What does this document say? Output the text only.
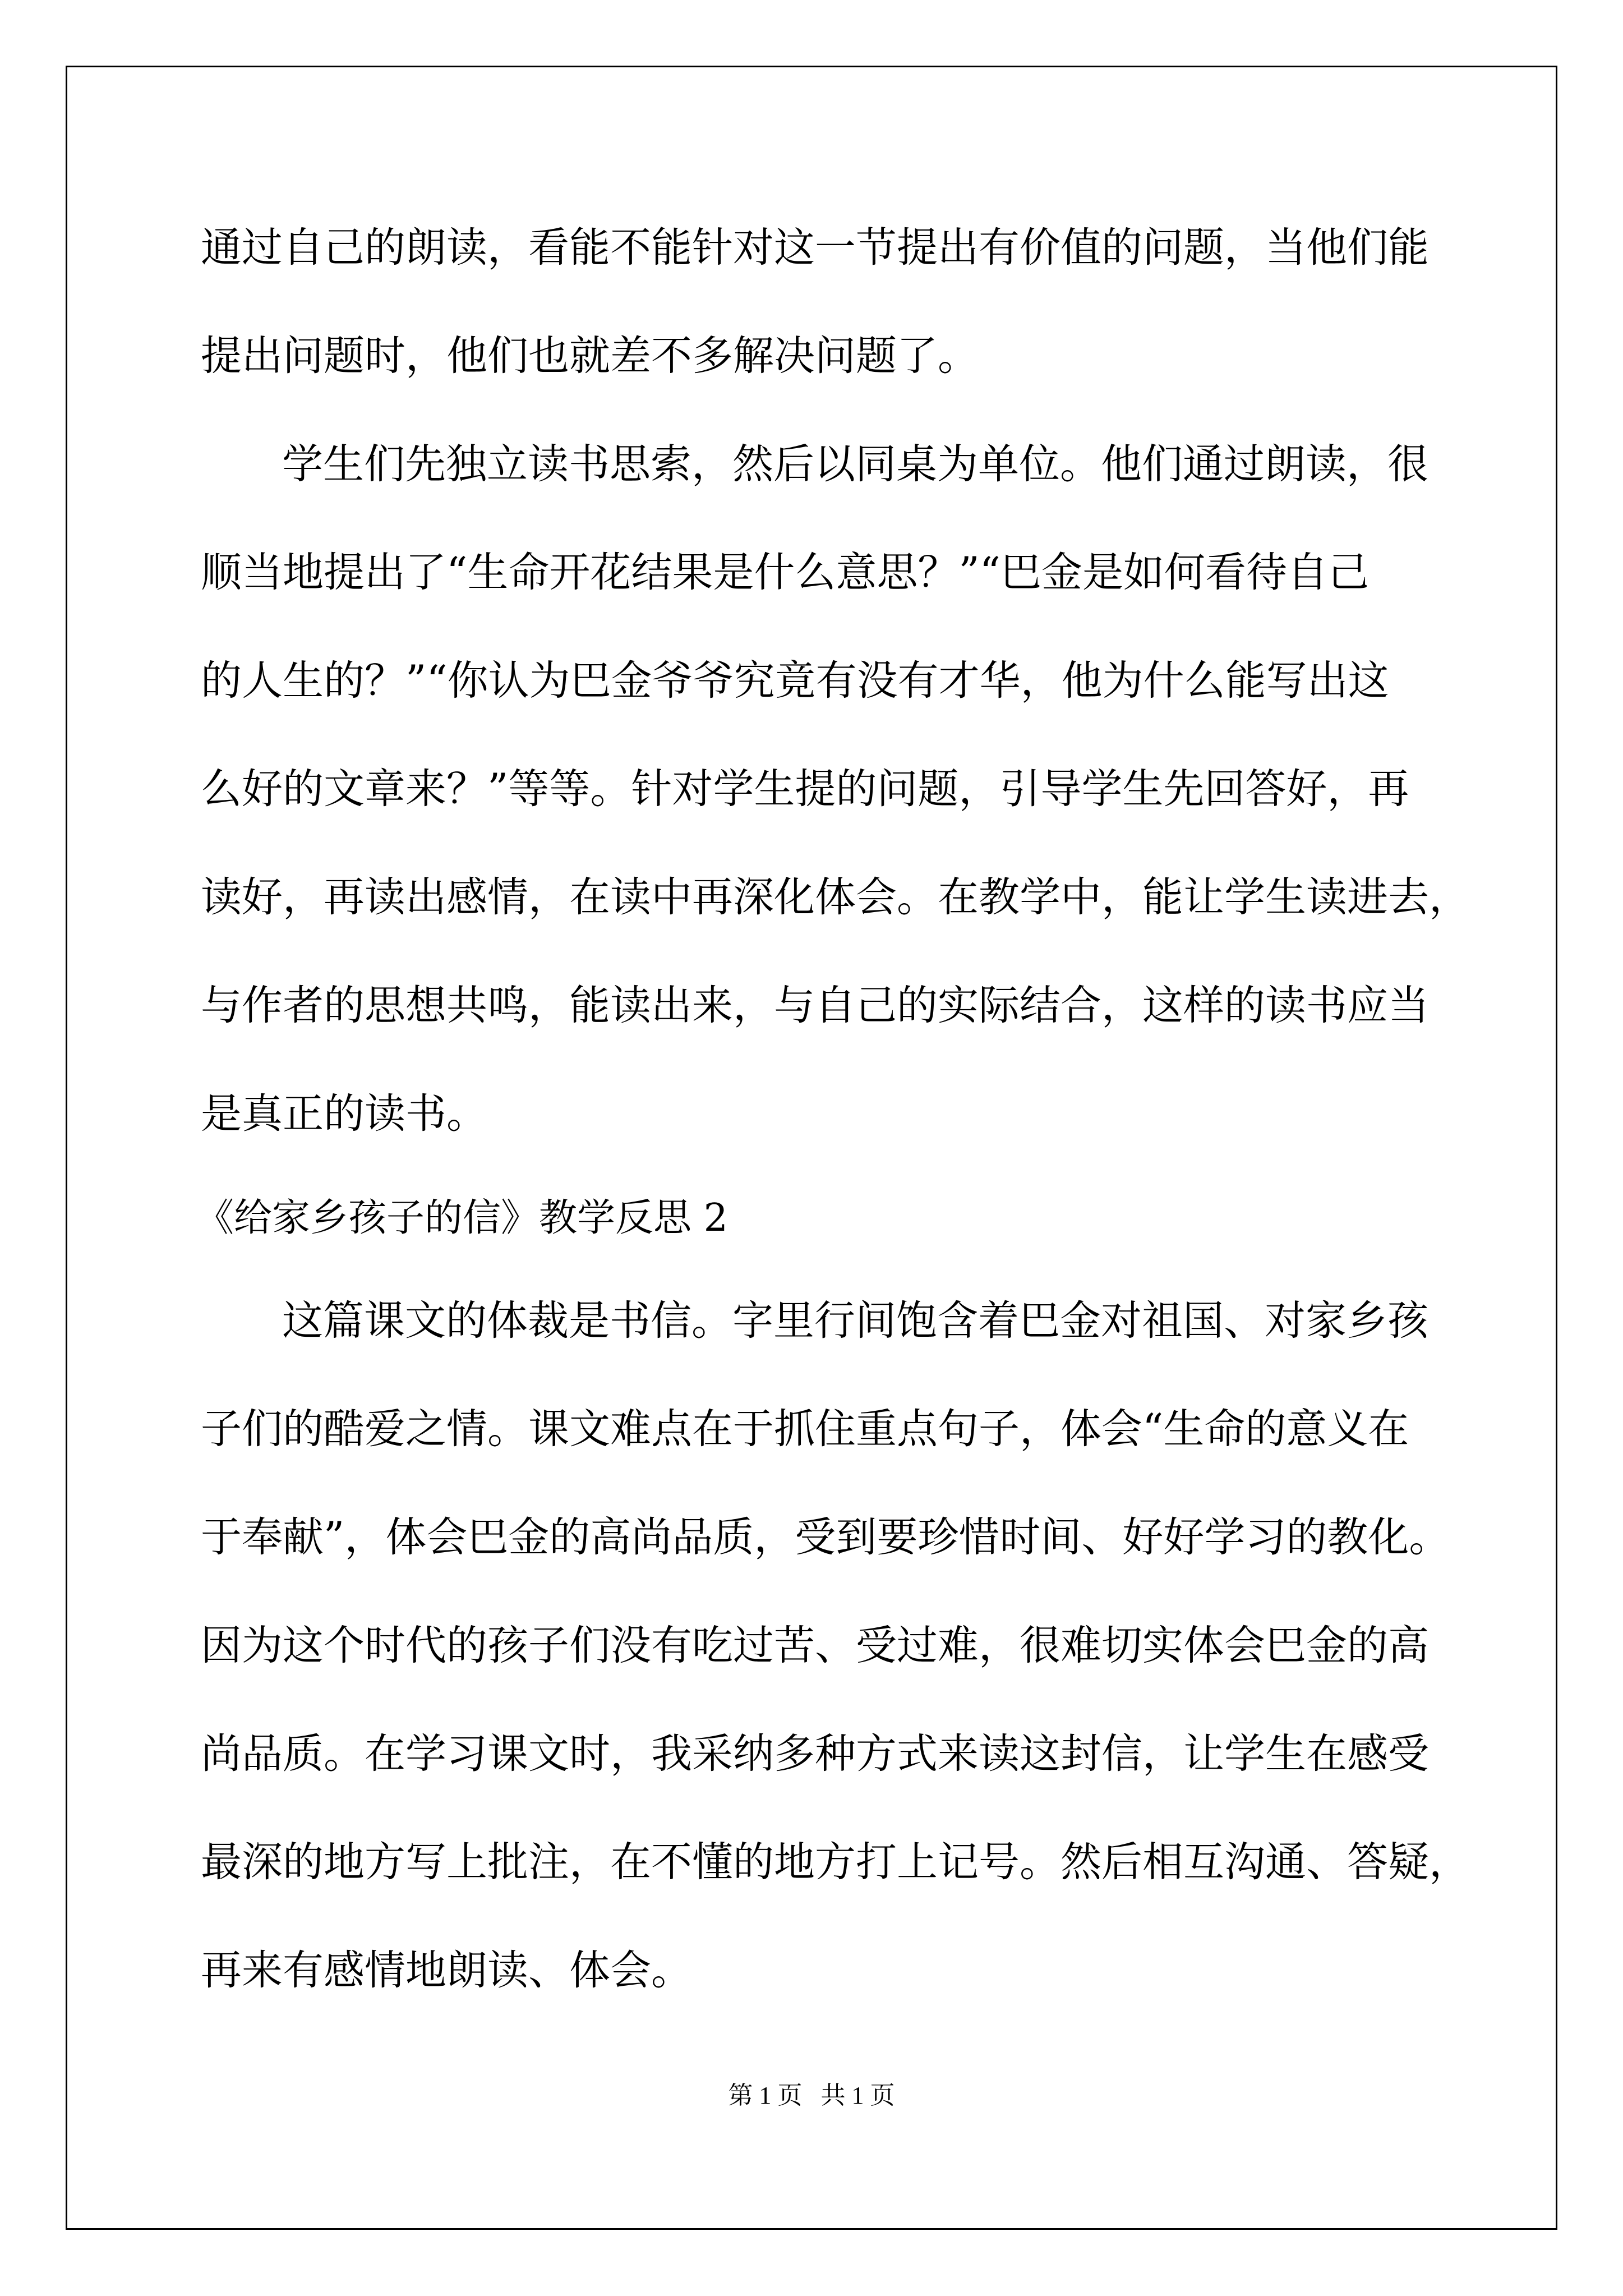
通过自己的朗读，看能不能针对这一节提出有价值的问题，当他们能

提出问题时，他们也就差不多解决问题了。

学生们先独立读书思索，然后以同桌为单位。他们通过朗读，很

顺当地提出了“生命开花结果是什么意思？”“巴金是如何看待自己

的人生的？”“你认为巴金爷爷究竟有没有才华，他为什么能写出这

么好的文章来？”等等。针对学生提的问题，引导学生先回答好，再

读好，再读出感情，在读中再深化体会。在教学中，能让学生读进去，

与作者的思想共鸣，能读出来，与自己的实际结合，这样的读书应当

是真正的读书。

《给家乡孩子的信》教学反思 2

这篇课文的体裁是书信。字里行间饱含着巴金对祖国、对家乡孩

子们的酷爱之情。课文难点在于抓住重点句子，体会“生命的意义在

于奉献”，体会巴金的高尚品质，受到要珍惜时间、好好学习的教化。

因为这个时代的孩子们没有吃过苦、受过难，很难切实体会巴金的高

尚品质。在学习课文时，我采纳多种方式来读这封信，让学生在感受

最深的地方写上批注，在不懂的地方打上记号。然后相互沟通、答疑，

再来有感情地朗读、体会。

第 1 页   共 1 页
